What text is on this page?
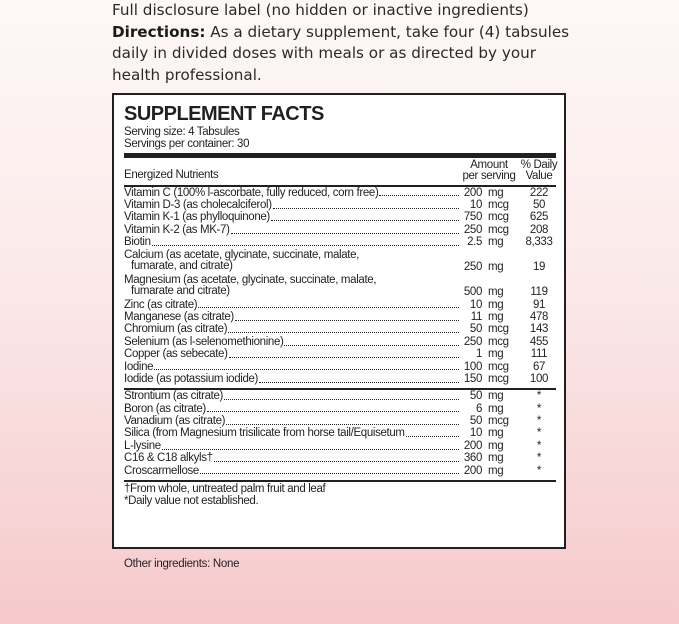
Full disclosure label (no hidden or inactive ingredients)

Directions: As a dietary supplement, take four (4) tabsules daily in divided doses with meals or as directed by your health professional.

SUPPLEMENT FACTS
Serving size: 4 Tabsules
Servings per container: 30
Energized Nutrients
Amount
per serving
% Daily
Value
Vitamin C (100% l-ascorbate, fully reduced, corn free)	200 mg	222
Vitamin D-3 (as cholecalciferol)	10 mcg	50
Vitamin K-1 (as phylloquinone)	750 mcg	625
Vitamin K-2 (as MK-7)	250 mcg	208
Biotin	2.5 mg	8,333
Calcium (as acetate, glycinate, succinate, malate,
fumarate, and citrate)	250 mg	19
Magnesium (as acetate, glycinate, succinate, malate,
fumarate and citrate)	500 mg	119
Zinc (as citrate)	10 mg	91
Manganese (as citrate)	11 mg	478
Chromium (as citrate)	50 mcg	143
Selenium (as l-selenomethionine)	250 mcg	455
Copper (as sebecate)	1 mg	111
Iodine	100 mcg	67
Iodide (as potassium iodide)	150 mcg	100
Strontium (as citrate)	50 mg	*
Boron (as citrate)	6 mg	*
Vanadium (as citrate)	50 mcg	*
Silica (from Magnesium trisilicate from horse tail/Equisetum	10 mg	*
L-lysine	200 mg	*
C16 & C18 alkyls†	360 mg	*
Croscarmellose	200 mg	*
†From whole, untreated palm fruit and leaf
*Daily value not established.
Other ingredients: None
